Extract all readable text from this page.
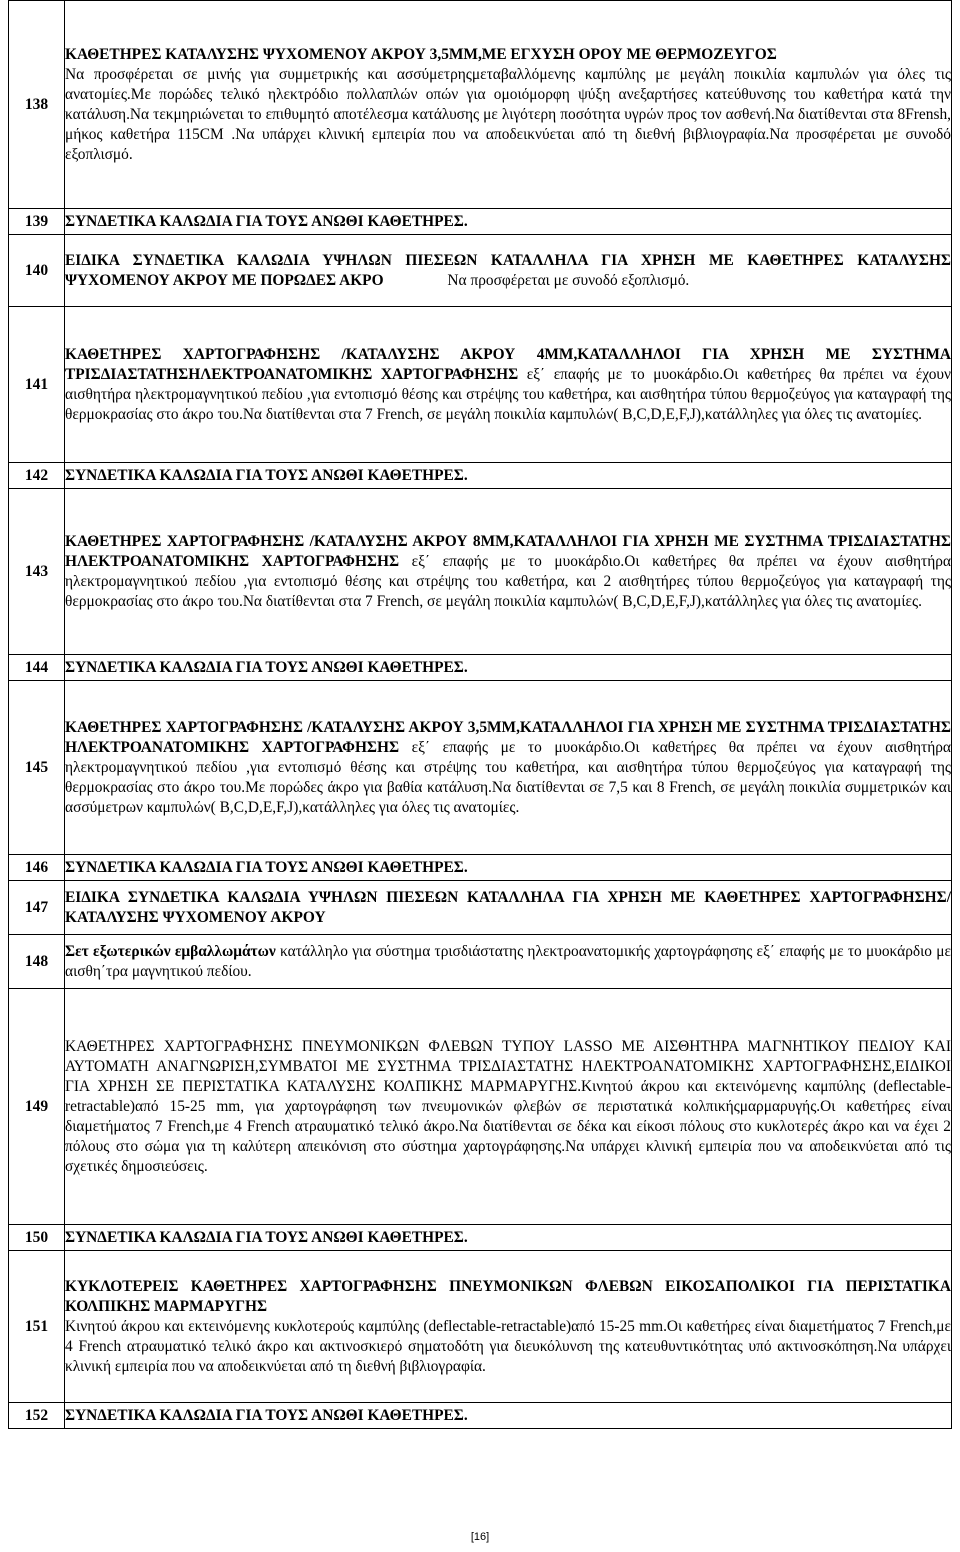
138	ΚΑΘΕΤΗΡΕΣ ΚΑΤΑΛΥΣΗΣ ΨΥΧΟΜΕΝΟΥ ΑΚΡΟΥ 3,5ΜΜ,ΜΕ ΕΓΧΥΣΗ ΟΡΟΥ ΜΕ ΘΕΡΜΟΖΕΥΓΟΣ
Να προσφέρεται σε μινής για συμμετρικής και ασσύμετρηςμεταβαλλόμενης καμπύλης με μεγάλη ποικιλία καμπυλών για όλες τις ανατομίες.Με πορώδες τελικό ηλεκτρόδιο πολλαπλών οπών για ομοιόμορφη ψύξη ανεξαρτήσες κατεύθυνσης του καθετήρα κατά την κατάλυση.Να τεκμηριώνεται το επιθυμητό αποτέλεσμα κατάλυσης με λιγότερη ποσότητα υγρών προς τον ασθενή.Να διατίθενται στα 8Frensh, μήκος καθετήρα 115CM .Να υπάρχει κλινική εμπειρία που να αποδεικνύεται από τη διεθνή βιβλιογραφία.Να προσφέρεται με συνοδό εξοπλισμό.

139	ΣΥΝΔΕΤΙΚΑ ΚΑΛΩΔΙΑ ΓΙΑ ΤΟΥΣ ΑΝΩΘΙ ΚΑΘΕΤΗΡΕΣ.
140	ΕΙΔΙΚΑ ΣΥΝΔΕΤΙΚΑ ΚΑΛΩΔΙΑ ΥΨΗΛΩΝ ΠΙΕΣΕΩΝ ΚΑΤΑΛΛΗΛΑ ΓΙΑ ΧΡΗΣΗ ΜΕ ΚΑΘΕΤΗΡΕΣ ΚΑΤΑΛΥΣΗΣ ΨΥΧΟΜΕΝΟΥ ΑΚΡΟΥ ΜΕ ΠΟΡΩΔΕΣ ΑΚΡΟ Να προσφέρεται με συνοδό εξοπλισμό.
141	ΚΑΘΕΤΗΡΕΣ ΧΑΡΤΟΓΡΑΦΗΣΗΣ /ΚΑΤΑΛΥΣΗΣ ΑΚΡΟΥ 4ΜΜ,ΚΑΤΑΛΛΗΛΟΙ ΓΙΑ ΧΡΗΣΗ ΜΕ ΣΥΣΤΗΜΑ ΤΡΙΣΔΙΑΣΤΑΤΗΣΗΛΕΚΤΡΟΑΝΑΤΟΜΙΚΗΣ ΧΑΡΤΟΓΡΑΦΗΣΗΣ εξ΄ επαφής με το μυοκάρδιο.Οι καθετήρες θα πρέπει να έχουν αισθητήρα ηλεκτρομαγνητικού πεδίου ,για εντοπισμό θέσης και στρέψης του καθετήρα, και αισθητήρα τύπου θερμοζεύγος για καταγραφή της θερμοκρασίας στο άκρο του.Να διατίθενται στα 7 French, σε μεγάλη ποικιλία καμπυλών( B,C,D,E,F,J),κατάλληλες για όλες τις ανατομίες.
142	ΣΥΝΔΕΤΙΚΑ ΚΑΛΩΔΙΑ ΓΙΑ ΤΟΥΣ ΑΝΩΘΙ ΚΑΘΕΤΗΡΕΣ.
143	ΚΑΘΕΤΗΡΕΣ ΧΑΡΤΟΓΡΑΦΗΣΗΣ /ΚΑΤΑΛΥΣΗΣ ΑΚΡΟΥ 8ΜΜ,ΚΑΤΑΛΛΗΛΟΙ ΓΙΑ ΧΡΗΣΗ ΜΕ ΣΥΣΤΗΜΑ ΤΡΙΣΔΙΑΣΤΑΤΗΣ ΗΛΕΚΤΡΟΑΝΑΤΟΜΙΚΗΣ ΧΑΡΤΟΓΡΑΦΗΣΗΣ εξ΄ επαφής με το μυοκάρδιο.Οι καθετήρες θα πρέπει να έχουν αισθητήρα ηλεκτρομαγνητικού πεδίου ,για εντοπισμό θέσης και στρέψης του καθετήρα, και 2 αισθητήρες τύπου θερμοζεύγος για καταγραφή της θερμοκρασίας στο άκρο του.Να διατίθενται στα 7 French, σε μεγάλη ποικιλία καμπυλών( B,C,D,E,F,J),κατάλληλες για όλες τις ανατομίες.
144	ΣΥΝΔΕΤΙΚΑ ΚΑΛΩΔΙΑ ΓΙΑ ΤΟΥΣ ΑΝΩΘΙ ΚΑΘΕΤΗΡΕΣ.
145	ΚΑΘΕΤΗΡΕΣ ΧΑΡΤΟΓΡΑΦΗΣΗΣ /ΚΑΤΑΛΥΣΗΣ ΑΚΡΟΥ 3,5ΜΜ,ΚΑΤΑΛΛΗΛΟΙ ΓΙΑ ΧΡΗΣΗ ΜΕ ΣΥΣΤΗΜΑ ΤΡΙΣΔΙΑΣΤΑΤΗΣ ΗΛΕΚΤΡΟΑΝΑΤΟΜΙΚΗΣ ΧΑΡΤΟΓΡΑΦΗΣΗΣ εξ΄ επαφής με το μυοκάρδιο.Οι καθετήρες θα πρέπει να έχουν αισθητήρα ηλεκτρομαγνητικού πεδίου ,για εντοπισμό θέσης και στρέψης του καθετήρα, και αισθητήρα τύπου θερμοζεύγος για καταγραφή της θερμοκρασίας στο άκρο του.Με πορώδες άκρο για βαθία κατάλυση.Να διατίθενται σε 7,5 και 8 French, σε μεγάλη ποικιλία συμμετρικών και ασσύμετρων καμπυλών( B,C,D,E,F,J),κατάλληλες για όλες τις ανατομίες.
146	ΣΥΝΔΕΤΙΚΑ ΚΑΛΩΔΙΑ ΓΙΑ ΤΟΥΣ ΑΝΩΘΙ ΚΑΘΕΤΗΡΕΣ.
147	ΕΙΔΙΚΑ ΣΥΝΔΕΤΙΚΑ ΚΑΛΩΔΙΑ ΥΨΗΛΩΝ ΠΙΕΣΕΩΝ ΚΑΤΑΛΛΗΛΑ ΓΙΑ ΧΡΗΣΗ ΜΕ ΚΑΘΕΤΗΡΕΣ ΧΑΡΤΟΓΡΑΦΗΣΗΣ/ΚΑΤΑΛΥΣΗΣ ΨΥΧΟΜΕΝΟΥ ΑΚΡΟΥ
148	Σετ εξωτερικών εμβαλλωμάτων κατάλληλο για σύστημα τρισδιάστατης ηλεκτροανατομικής χαρτογράφησης εξ΄ επαφής με το μυοκάρδιο με αισθη΄τρα μαγνητικού πεδίου.
149	ΚΑΘΕΤΗΡΕΣ ΧΑΡΤΟΓΡΑΦΗΣΗΣ ΠΝΕΥΜΟΝΙΚΩΝ ΦΛΕΒΩΝ ΤΥΠΟΥ LASSO ΜΕ ΑΙΣΘΗΤΗΡΑ ΜΑΓΝΗΤΙΚΟΥ ΠΕΔΙΟΥ ΚΑΙ ΑΥΤΟΜΑΤΗ ΑΝΑΓΝΩΡΙΣΗ,ΣΥΜΒΑΤΟΙ ΜΕ ΣΥΣΤΗΜΑ ΤΡΙΣΔΙΑΣΤΑΤΗΣ ΗΛΕΚΤΡΟΑΝΑΤΟΜΙΚΗΣ ΧΑΡΤΟΓΡΑΦΗΣΗΣ,ΕΙΔΙΚΟΙ ΓΙΑ ΧΡΗΣΗ ΣΕ ΠΕΡΙΣΤΑΤΙΚΑ ΚΑΤΑΛΥΣΗΣ ΚΟΛΠΙΚΗΣ ΜΑΡΜΑΡΥΓΗΣ.Κινητού άκρου και εκτεινόμενης καμπύλης (deflectable-retractable)από 15-25 mm, για χαρτογράφηση των πνευμονικών φλεβών σε περιστατικά κολπικήςμαρμαρυγής.Οι καθετήρες είναι διαμετήματος 7 French,με 4 French ατραυματικό τελικό άκρο.Να διατίθενται σε δέκα και είκοσι πόλους στο κυκλοτερές άκρο και να έχει 2 πόλους στο σώμα για τη καλύτερη απεικόνιση στο σύστημα χαρτογράφησης.Να υπάρχει κλινική εμπειρία που να αποδεικνύεται από τις σχετικές δημοσιεύσεις.
150	ΣΥΝΔΕΤΙΚΑ ΚΑΛΩΔΙΑ ΓΙΑ ΤΟΥΣ ΑΝΩΘΙ ΚΑΘΕΤΗΡΕΣ.
151	ΚΥΚΛΟΤΕΡΕΙΣ ΚΑΘΕΤΗΡΕΣ ΧΑΡΤΟΓΡΑΦΗΣΗΣ ΠΝΕΥΜΟΝΙΚΩΝ ΦΛΕΒΩΝ ΕΙΚΟΣΑΠΟΛΙΚΟΙ ΓΙΑ ΠΕΡΙΣΤΑΤΙΚΑ ΚΟΛΠΙΚΗΣ ΜΑΡΜΑΡΥΓΗΣ
Κινητού άκρου και εκτεινόμενης κυκλοτερούς καμπύλης (deflectable-retractable)από 15-25 mm.Οι καθετήρες είναι διαμετήματος 7 French,με 4 French ατραυματικό τελικό άκρο και ακτινοσκιερό σηματοδότη για διευκόλυνση της κατευθυντικότητας υπό ακτινοσκόπηση.Να υπάρχει κλινική εμπειρία που να αποδεικνύεται από τη διεθνή βιβλιογραφία.

152	ΣΥΝΔΕΤΙΚΑ ΚΑΛΩΔΙΑ ΓΙΑ ΤΟΥΣ ΑΝΩΘΙ ΚΑΘΕΤΗΡΕΣ.
[16]
